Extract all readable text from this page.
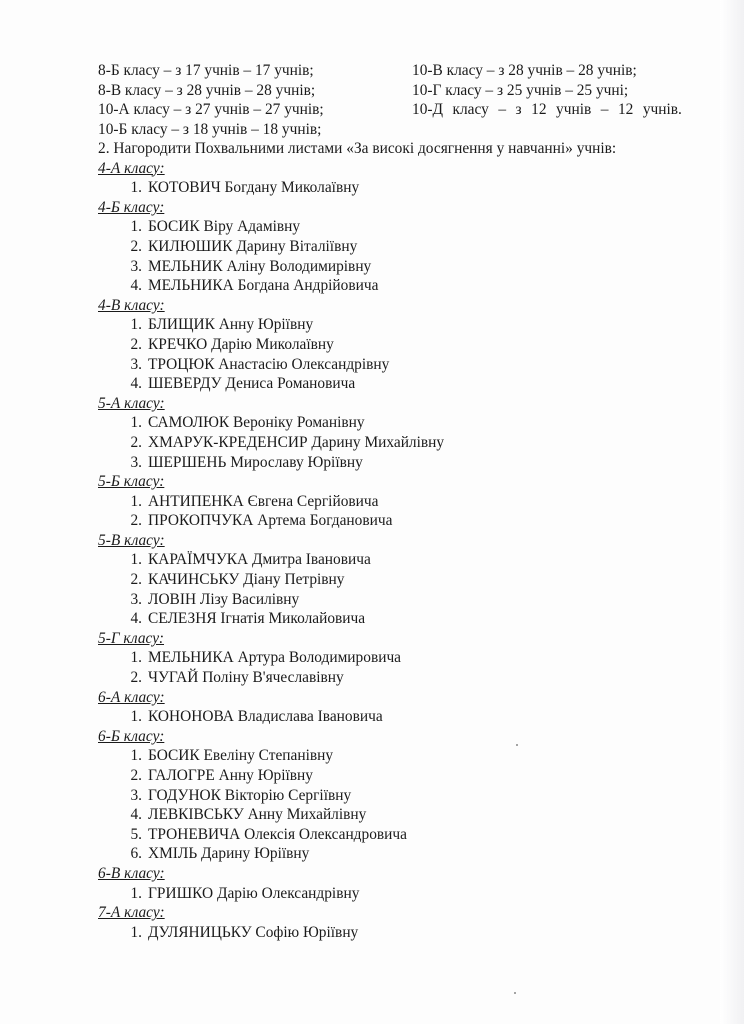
8-Б класу – з 17 учнів – 17 учнів;
8-В класу – з 28 учнів – 28 учнів;
10-А класу – з 27 учнів – 27 учнів;
10-Б класу – з 18 учнів – 18 учнів;
10-В класу – з 28 учнів – 28 учнів;
10-Г класу – з 25 учнів – 25 учні;
10-Д класу – з 12 учнів – 12 учнів.
2. Нагородити Похвальними листами «За високі досягнення у навчанні» учнів:
4-А класу:
1. КОТОВИЧ Богдану Миколаївну
4-Б класу:
1. БОСИК Віру Адамівну
2. КИЛЮШИК Дарину Віталіївну
3. МЕЛЬНИК Аліну Володимирівну
4. МЕЛЬНИКА Богдана Андрійовича
4-В класу:
1. БЛИЩИК Анну Юріївну
2. КРЕЧКО Дарію Миколаївну
3. ТРОЦЮК Анастасію Олександрівну
4. ШЕВЕРДУ Дениса Романовича
5-А класу:
1. САМОЛЮК Вероніку Романівну
2. ХМАРУК-КРЕДЕНСИР Дарину Михайлівну
3. ШЕРШЕНЬ Мирославу Юріївну
5-Б класу:
1. АНТИПЕНКА Євгена Сергійовича
2. ПРОКОПЧУКА Артема Богдановича
5-В класу:
1. КАРАЇМЧУКА Дмитра Івановича
2. КАЧИНСЬКУ Діану Петрівну
3. ЛОВІН Лізу Василівну
4. СЕЛЕЗНЯ Ігнатія Миколайовича
5-Г класу:
1. МЕЛЬНИКА Артура Володимировича
2. ЧУГАЙ Поліну В'ячеславівну
6-А класу:
1. КОНОНОВА Владислава Івановича
6-Б класу:
1. БОСИК Евеліну Степанівну
2. ГАЛОГРЕ Анну Юріївну
3. ГОДУНОК Вікторію Сергіївну
4. ЛЕВКІВСЬКУ Анну Михайлівну
5. ТРОНЕВИЧА Олексія Олександровича
6. ХМІЛЬ Дарину Юріївну
6-В класу:
1. ГРИШКО Дарію Олександрівну
7-А класу:
1. ДУЛЯНИЦЬКУ Софію Юріївну
